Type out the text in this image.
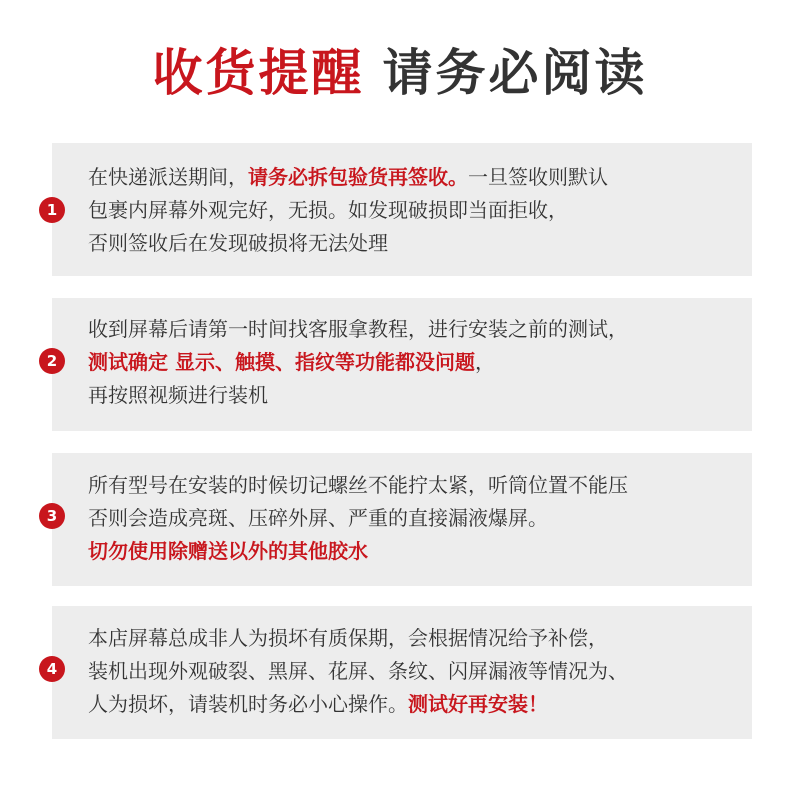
收货提醒 请务必阅读
1
在快递派送期间，请务必拆包验货再签收。一旦签收则默认
包裹内屏幕外观完好，无损。如发现破损即当面拒收，
否则签收后在发现破损将无法处理
2
收到屏幕后请第一时间找客服拿教程，进行安装之前的测试，
测试确定 显示、触摸、指纹等功能都没问题，
再按照视频进行装机
3
所有型号在安装的时候切记螺丝不能拧太紧，听筒位置不能压
否则会造成亮斑、压碎外屏、严重的直接漏液爆屏。
切勿使用除赠送以外的其他胶水
4
本店屏幕总成非人为损坏有质保期，会根据情况给予补偿，
装机出现外观破裂、黑屏、花屏、条纹、闪屏漏液等情况为、
人为损坏，请装机时务必小心操作。测试好再安装！
